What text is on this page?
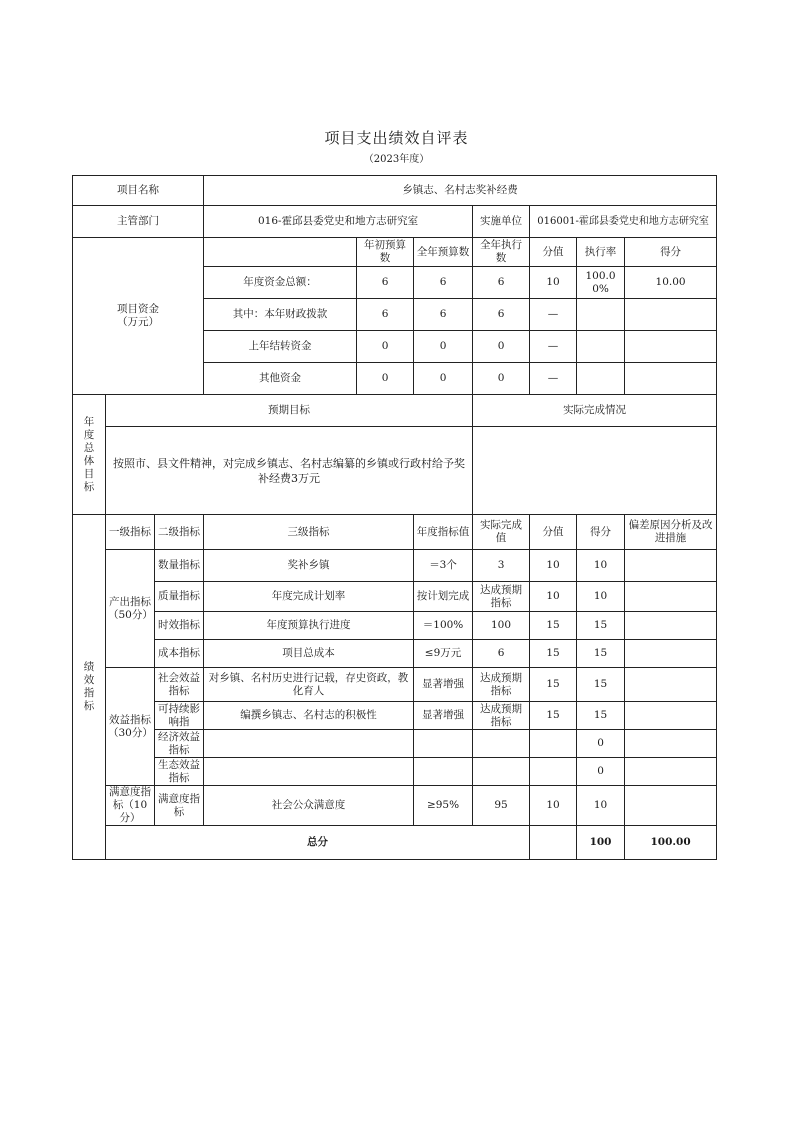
项目支出绩效自评表
（2023年度）
项目名称			乡镇志、名村志奖补经费							
主管部门			016-霍邱县委党史和地方志研究室			实施单位	016001-霍邱县委党史和地方志研究室			
项目资金
（万元）				年初预算数	全年预算数	全年执行数	分值	执行率	得分	
			年度资金总额：	6	6	6	10	100.00%	10.00	
			其中：本年财政拨款	6	6	6	—			
			上年结转资金	0	0	0	—			
			其他资金	0	0	0	—			
年度总体目标	预期目标					实际完成情况				
	按照市、县文件精神，对完成乡镇志、名村志编纂的乡镇或行政村给予奖补经费3万元									
绩效指标	一级指标	二级指标	三级指标		年度指标值	实际完成值	分值	得分	偏差原因分析及改进措施	
	产出指标
（50分）	数量指标	奖补乡镇		＝3个	3	10	10		
		质量指标	年度完成计划率		按计划完成	达成预期指标	10	10		
		时效指标	年度预算执行进度		＝100%	100	15	15		
		成本指标	项目总成本		≤9万元	6	15	15		
	效益指标
（30分）	社会效益指标	对乡镇、名村历史进行记载，存史资政，教化育人		显著增强	达成预期指标	15	15		
		可持续影响指	编撰乡镇志、名村志的积极性		显著增强	达成预期指标	15	15		
		经济效益指标						0		
		生态效益指标						0		
	满意度指标（10分）	满意度指标	社会公众满意度		≥95%	95	10	10		
	总分							100	100.00	
